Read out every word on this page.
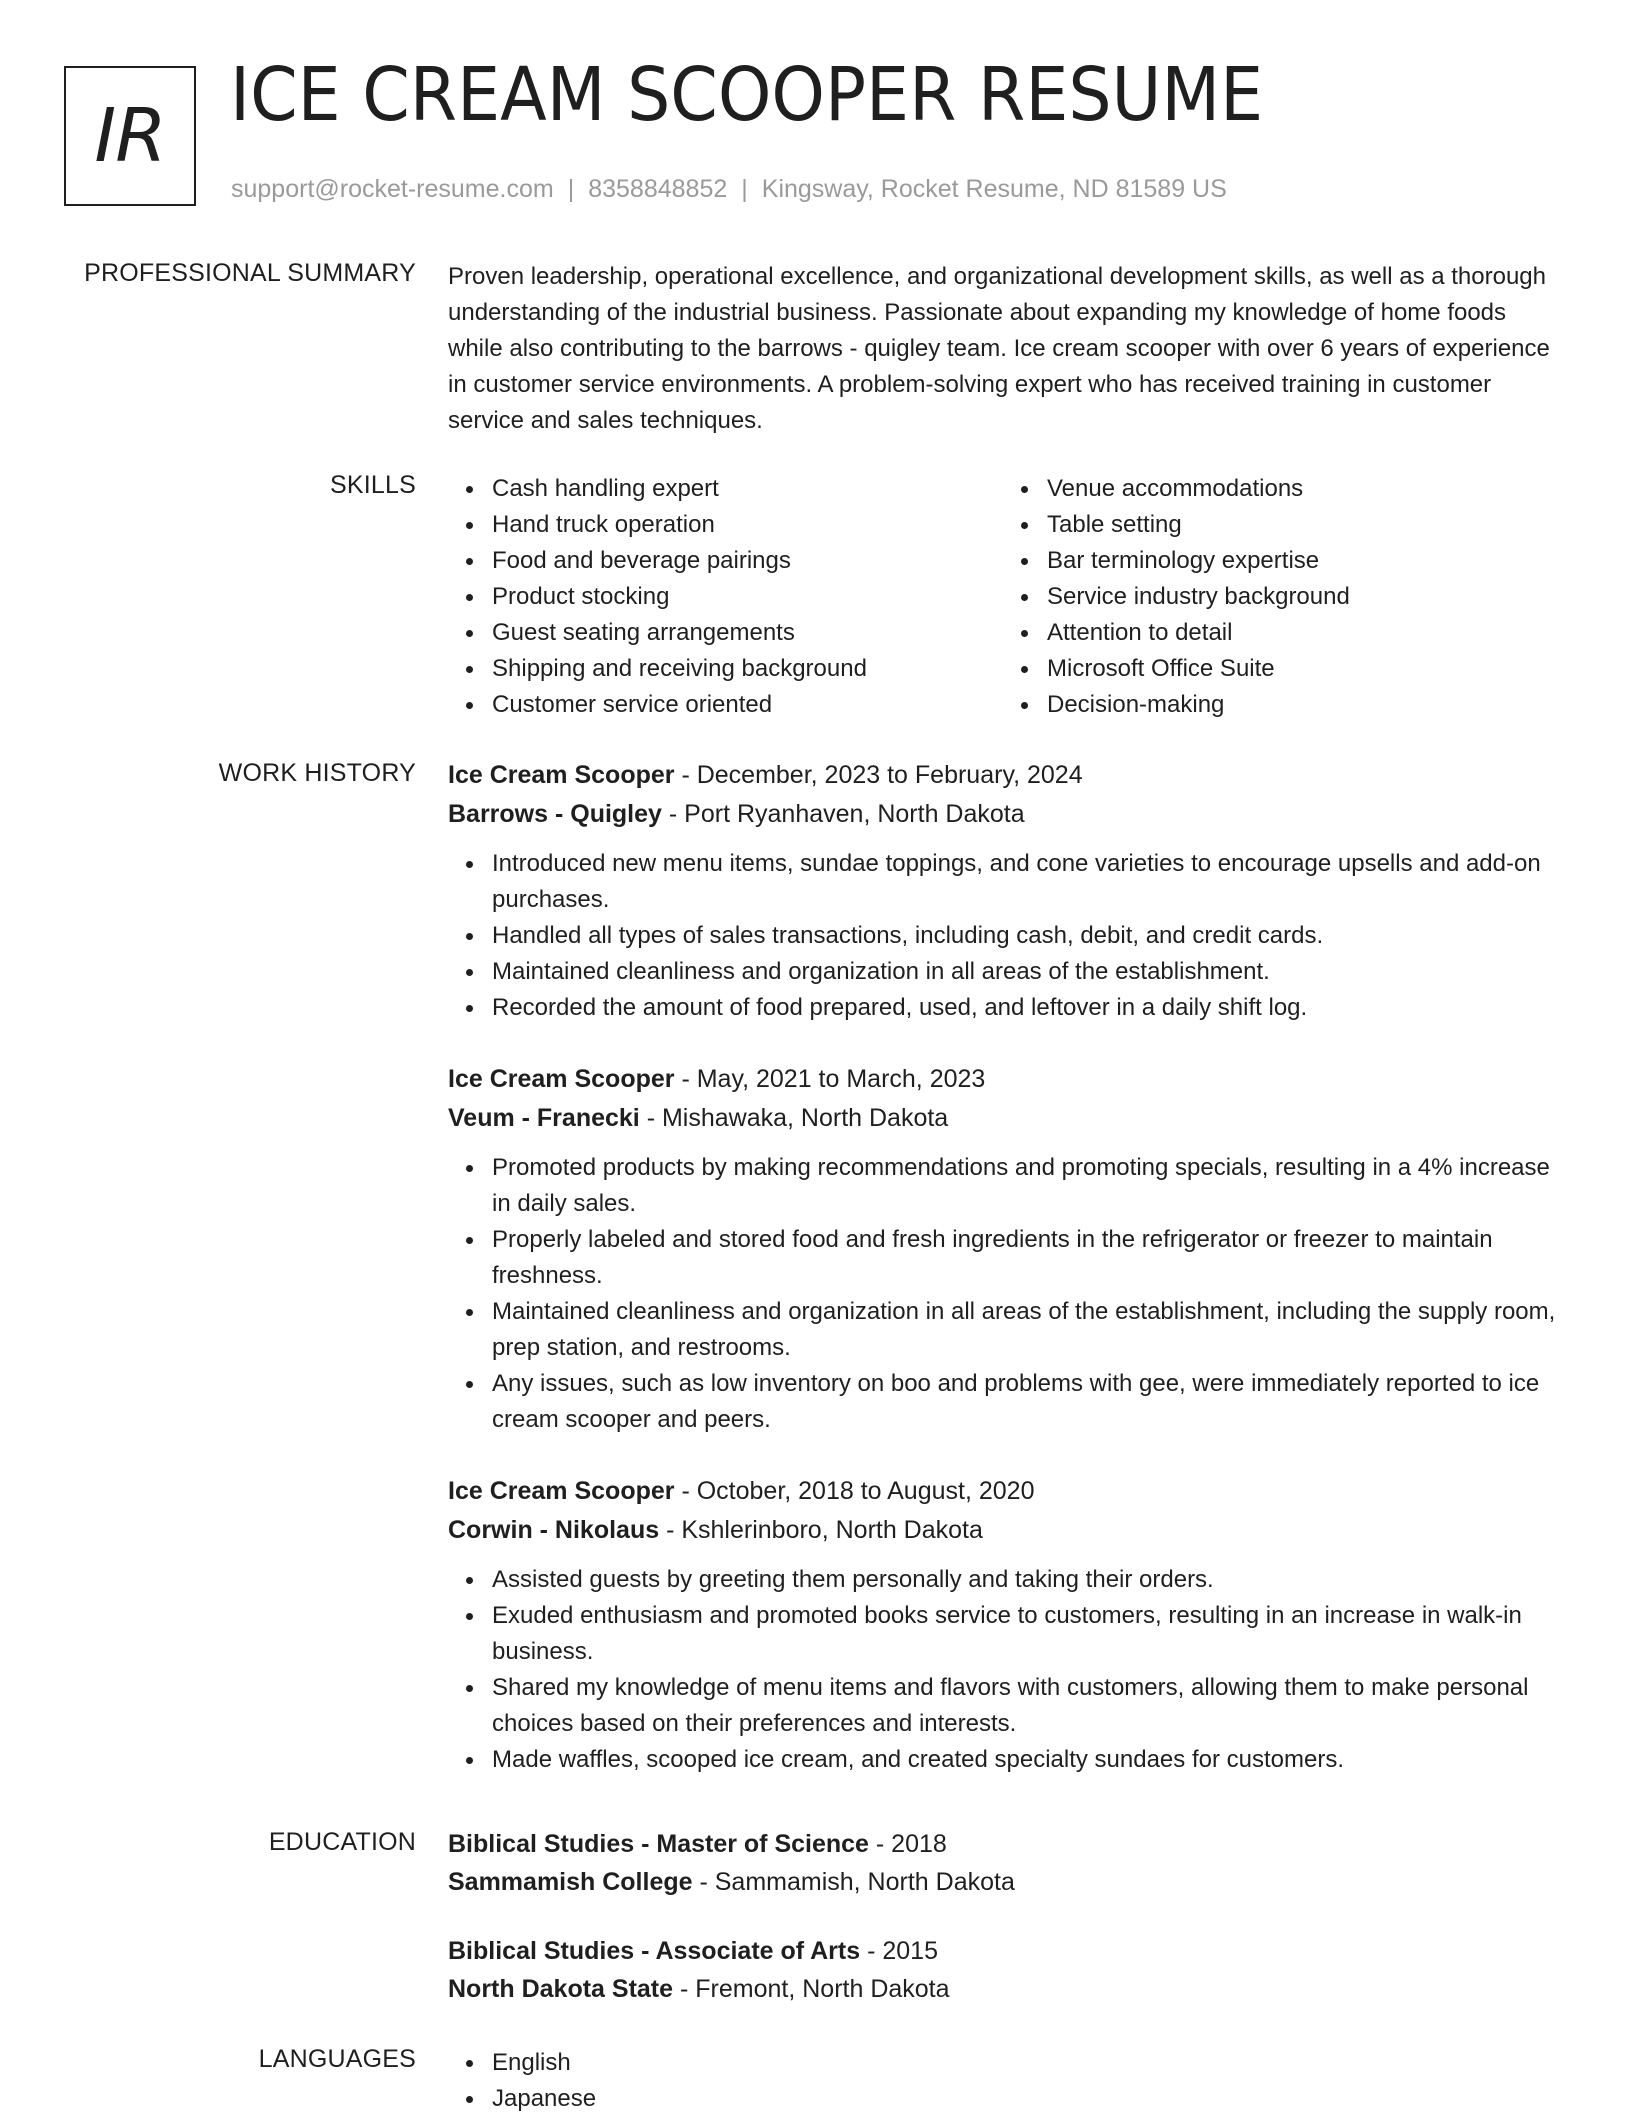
IR ICE CREAM SCOOPER RESUME
support@rocket-resume.com | 8358848852 | Kingsway, Rocket Resume, ND 81589 US
PROFESSIONAL SUMMARY Proven leadership, operational excellence, and organizational development skills, as well as a thorough understanding of the industrial business. Passionate about expanding my knowledge of home foods while also contributing to the barrows - quigley team. Ice cream scooper with over 6 years of experience in customer service environments. A problem-solving expert who has received training in customer service and sales techniques.

SKILLS	Cash handling expert
Hand truck operation
Food and beverage pairings
Product stocking
Guest seating arrangements
Shipping and receiving background
Customer service oriented
Venue accommodations
Table setting
Bar terminology expertise
Service industry background
Attention to detail
Microsoft Office Suite
Decision-making
WORK HISTORY Ice Cream Scooper - December, 2023 to February, 2024
Barrows - Quigley - Port Ryanhaven, North Dakota
Introduced new menu items, sundae toppings, and cone varieties to encourage upsells and add-on purchases.
Handled all types of sales transactions, including cash, debit, and credit cards.
Maintained cleanliness and organization in all areas of the establishment.
Recorded the amount of food prepared, used, and leftover in a daily shift log.
Ice Cream Scooper - May, 2021 to March, 2023
Veum - Franecki - Mishawaka, North Dakota
Promoted products by making recommendations and promoting specials, resulting in a 4% increase in daily sales.
Properly labeled and stored food and fresh ingredients in the refrigerator or freezer to maintain freshness.
Maintained cleanliness and organization in all areas of the establishment, including the supply room, prep station, and restrooms.
Any issues, such as low inventory on boo and problems with gee, were immediately reported to ice cream scooper and peers.
Ice Cream Scooper - October, 2018 to August, 2020
Corwin - Nikolaus - Kshlerinboro, North Dakota
Assisted guests by greeting them personally and taking their orders.
Exuded enthusiasm and promoted books service to customers, resulting in an increase in walk-in business.
Shared my knowledge of menu items and flavors with customers, allowing them to make personal choices based on their preferences and interests.
Made waffles, scooped ice cream, and created specialty sundaes for customers.
EDUCATION Biblical Studies - Master of Science - 2018
Sammamish College - Sammamish, North Dakota
Biblical Studies - Associate of Arts - 2015
North Dakota State - Fremont, North Dakota
LANGUAGES	English
Japanese
